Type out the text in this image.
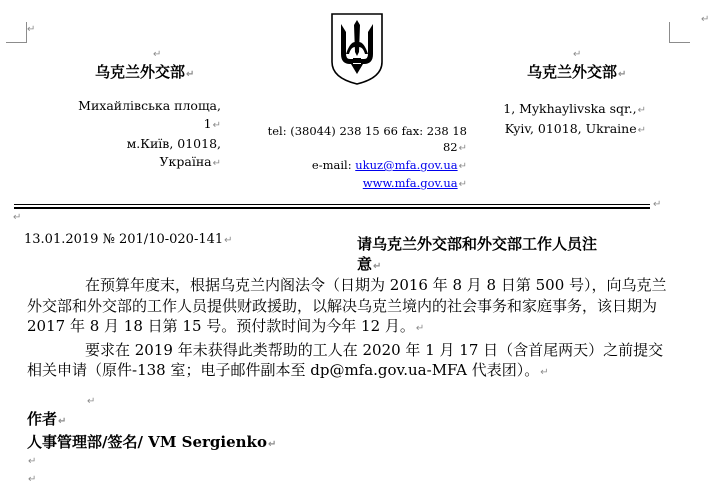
↵
↵
乌克兰外交部↵
Михайлівська площа, 1↵
м.Київ, 01018, Україна↵
↵
乌克兰外交部↵
↵
1, Mykhaylivska sqr.,↵
Kyiv, 01018, Ukraine↵
tel: (38044) 238 15 66 fax: 238 18 82↵
e-mail: ukuz@mfa.gov.ua↵
www.mfa.gov.ua↵
↵
↵
13.01.2019 № 201/10-020-141↵	请乌克兰外交部和外交部工作人员注
意↵

在预算年度末，根据乌克兰内阁法令（日期为 2016 年 8 月 8 日第 500 号），向乌克兰外交部和外交部的工作人员提供财政援助，以解决乌克兰境内的社会事务和家庭事务，该日期为 2017 年 8 月 18 日第 15 号。预付款时间为今年 12 月。↵

要求在 2019 年未获得此类帮助的工人在 2020 年 1 月 17 日（含首尾两天）之前提交相关申请（原件-138 室；电子邮件副本至 dp@mfa.gov.ua-MFA 代表团）。↵

↵
作者↵
人事管理部/签名/ VM Sergienko↵
↵
↵
